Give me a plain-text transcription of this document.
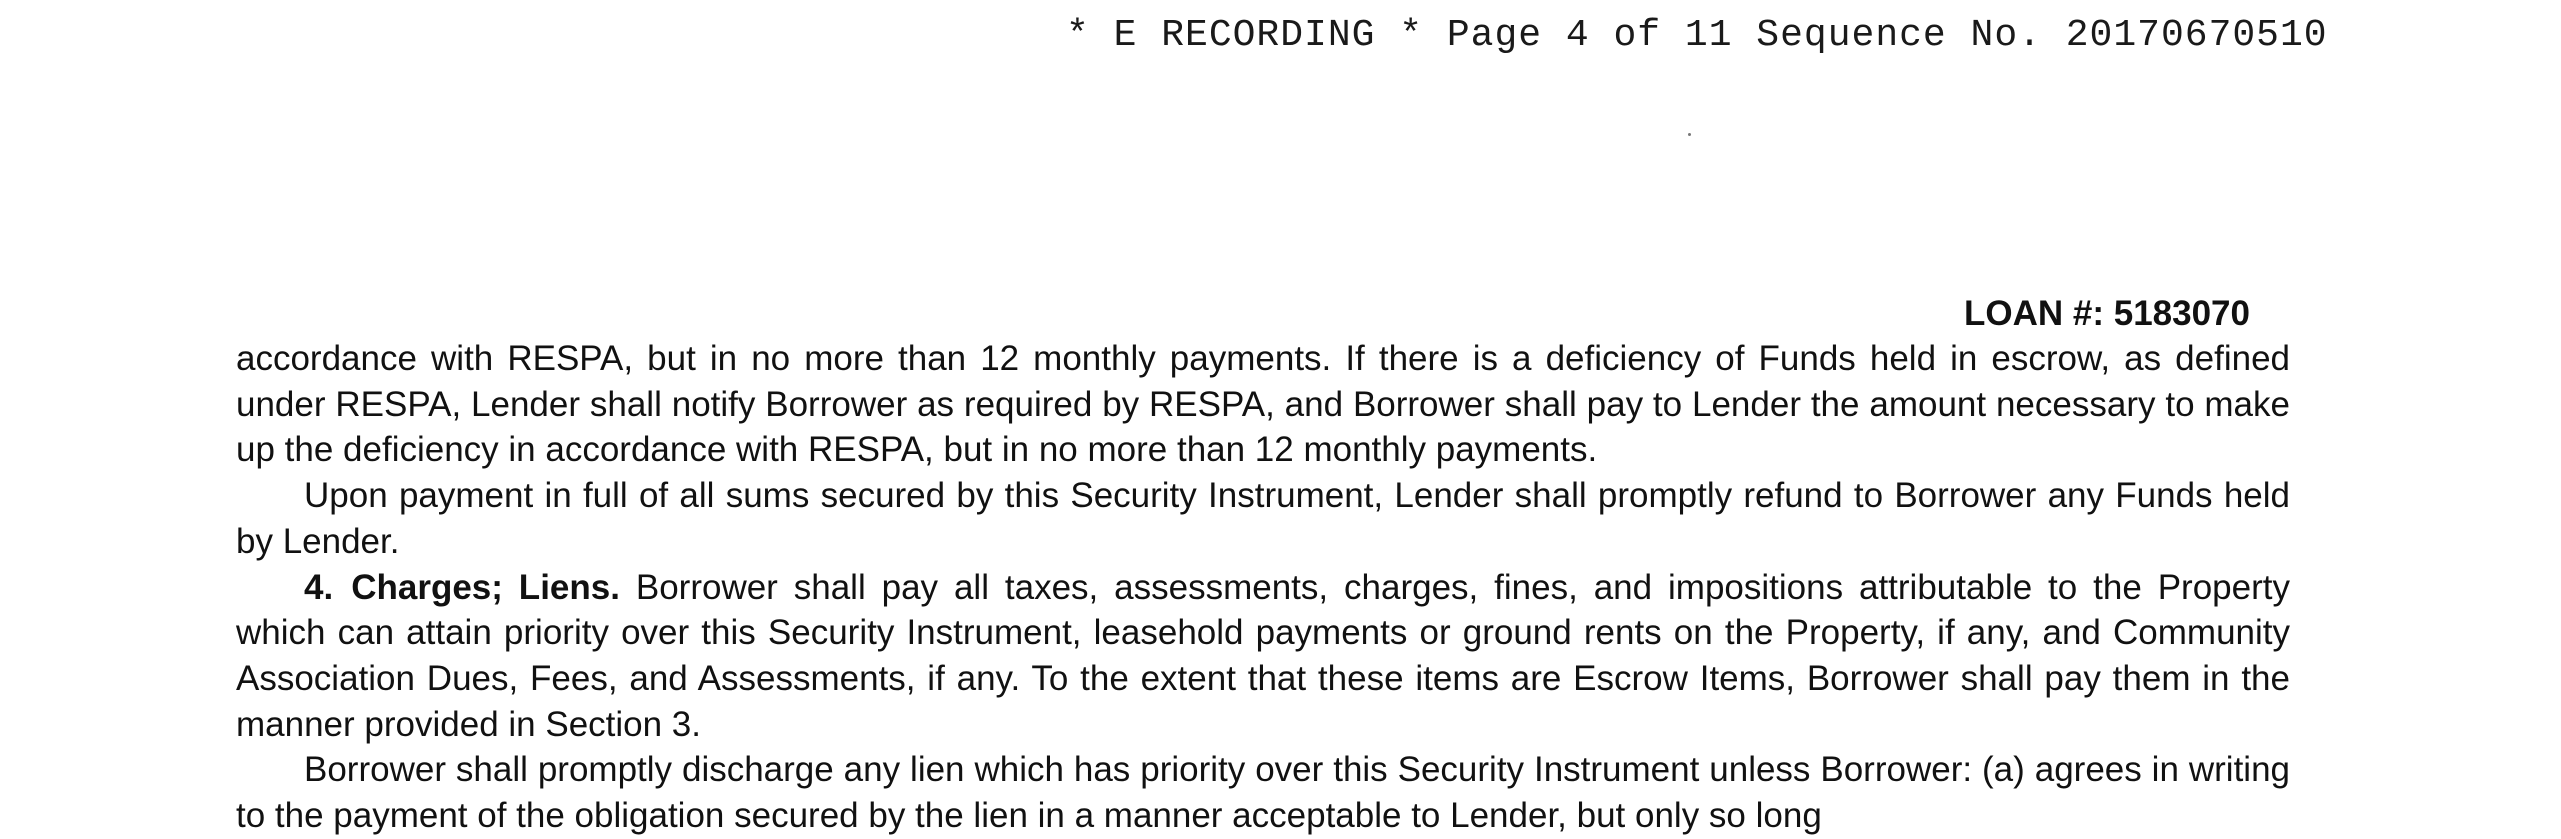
* E RECORDING * Page 4 of 11 Sequence No. 20170670510
LOAN #: 5183070

accordance with RESPA, but in no more than 12 monthly payments. If there is a deficiency of Funds held in escrow, as defined under RESPA, Lender shall notify Borrower as required by RESPA, and Borrower shall pay to Lender the amount necessary to make up the deficiency in accordance with RESPA, but in no more than 12 monthly payments.

Upon payment in full of all sums secured by this Security Instrument, Lender shall promptly refund to Borrower any Funds held by Lender.

4. Charges; Liens. Borrower shall pay all taxes, assessments, charges, fines, and impositions attributable to the Property which can attain priority over this Security Instrument, leasehold payments or ground rents on the Property, if any, and Community Association Dues, Fees, and Assessments, if any. To the extent that these items are Escrow Items, Borrower shall pay them in the manner provided in Section 3.

Borrower shall promptly discharge any lien which has priority over this Security Instrument unless Borrower: (a) agrees in writing to the payment of the obligation secured by the lien in a manner acceptable to Lender, but only so long
